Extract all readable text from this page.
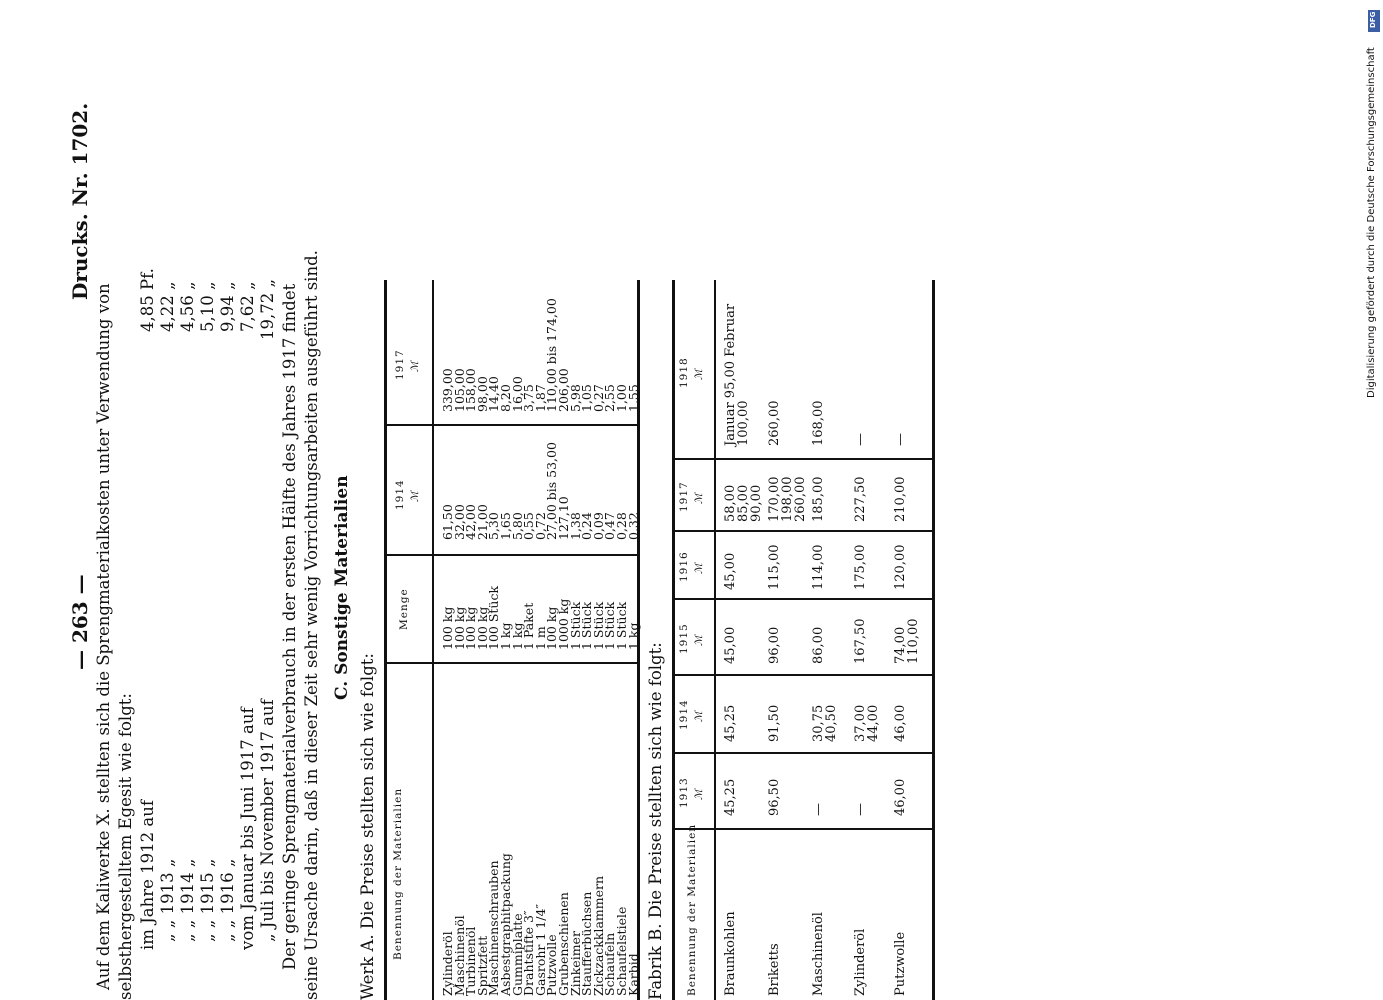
— 263 —
Drucks. Nr. 1702.
Auf dem Kaliwerke X. stellten sich die Sprengmaterialkosten unter Verwendung von selbsthergestelltem Egesit wie folgt: im Jahre 1912 auf
4,85 Pf.
„ „ 1913 „
4,22 „
„ „ 1914 „
4,56 „
„ „ 1915 „
5,10 „
„ „ 1916 „
9,94 „
vom Januar bis Juni 1917 auf
7,62 „
„ Juli bis November 1917 auf
19,72 „ Der geringe Sprengmaterialverbrauch in der ersten Hälfte des Jahres 1917 findet seine Ursache darin, daß in dieser Zeit sehr wenig Vorrichtungsarbeiten ausgeführt sind. C. Sonstige Materialien
Werk A. Die Preise stellten sich wie folgt: Benennung der Materialien
Menge
1914 ℳ
1917 ℳ
Zylinderöl
100 kg
61,50
339,00
Maschinenöl
100 kg
32,00
105,00
Turbinenöl
100 kg
42,00
158,00
Spritzfett
100 kg
21,00
98,00
Maschinenschrauben
100 Stück
5,30
14,40
Asbestgraphitpackung
1 kg
1,65
8,20
Gummiplatte
1 kg
5,80
16,00
Drahtstifte 3″
1 Paket
0,55
3,75
Gasrohr 1 1/4″
1 m
0,72
1,87
Putzwolle
100 kg
27,00 bis 53,00
110,00 bis 174,00
Grubenschienen
1000 kg
127,10
206,00
Zinkeimer
1 Stück
1,38
5,98
Staufferbüchsen
1 Stück
0,24
1,05
Zickzackklammern
1 Stück
0,09
0,27
Schaufeln
1 Stück
0,47
2,55
Schaufelstiele
1 Stück
0,28
1,00
Karbid
1 kg
0,32
1,55
Fabrik B. Die Preise stellten sich wie folgt: Benennung der Materialien
1913 ℳ
1914 ℳ
1915 ℳ
1916 ℳ
1917 ℳ
1918 ℳ
Braunkohlen
45,25
45,25
45,00
45,00
58,00 85,00 90,00
Januar 95,00 Februar 100,00
Briketts
96,50
91,50
96,00
115,00
170,00 198,00 260,00
260,00
Maschinenöl
—
30,75 40,50
86,00
114,00
185,00
168,00
Zylinderöl
—
37,00 44,00
167,50
175,00
227,50
—
Putzwolle
46,00
46,00
74,00 110,00
120,00
210,00
—
DFG
Digitalisierung gefördert durch die Deutsche Forschungsgemeinschaft
